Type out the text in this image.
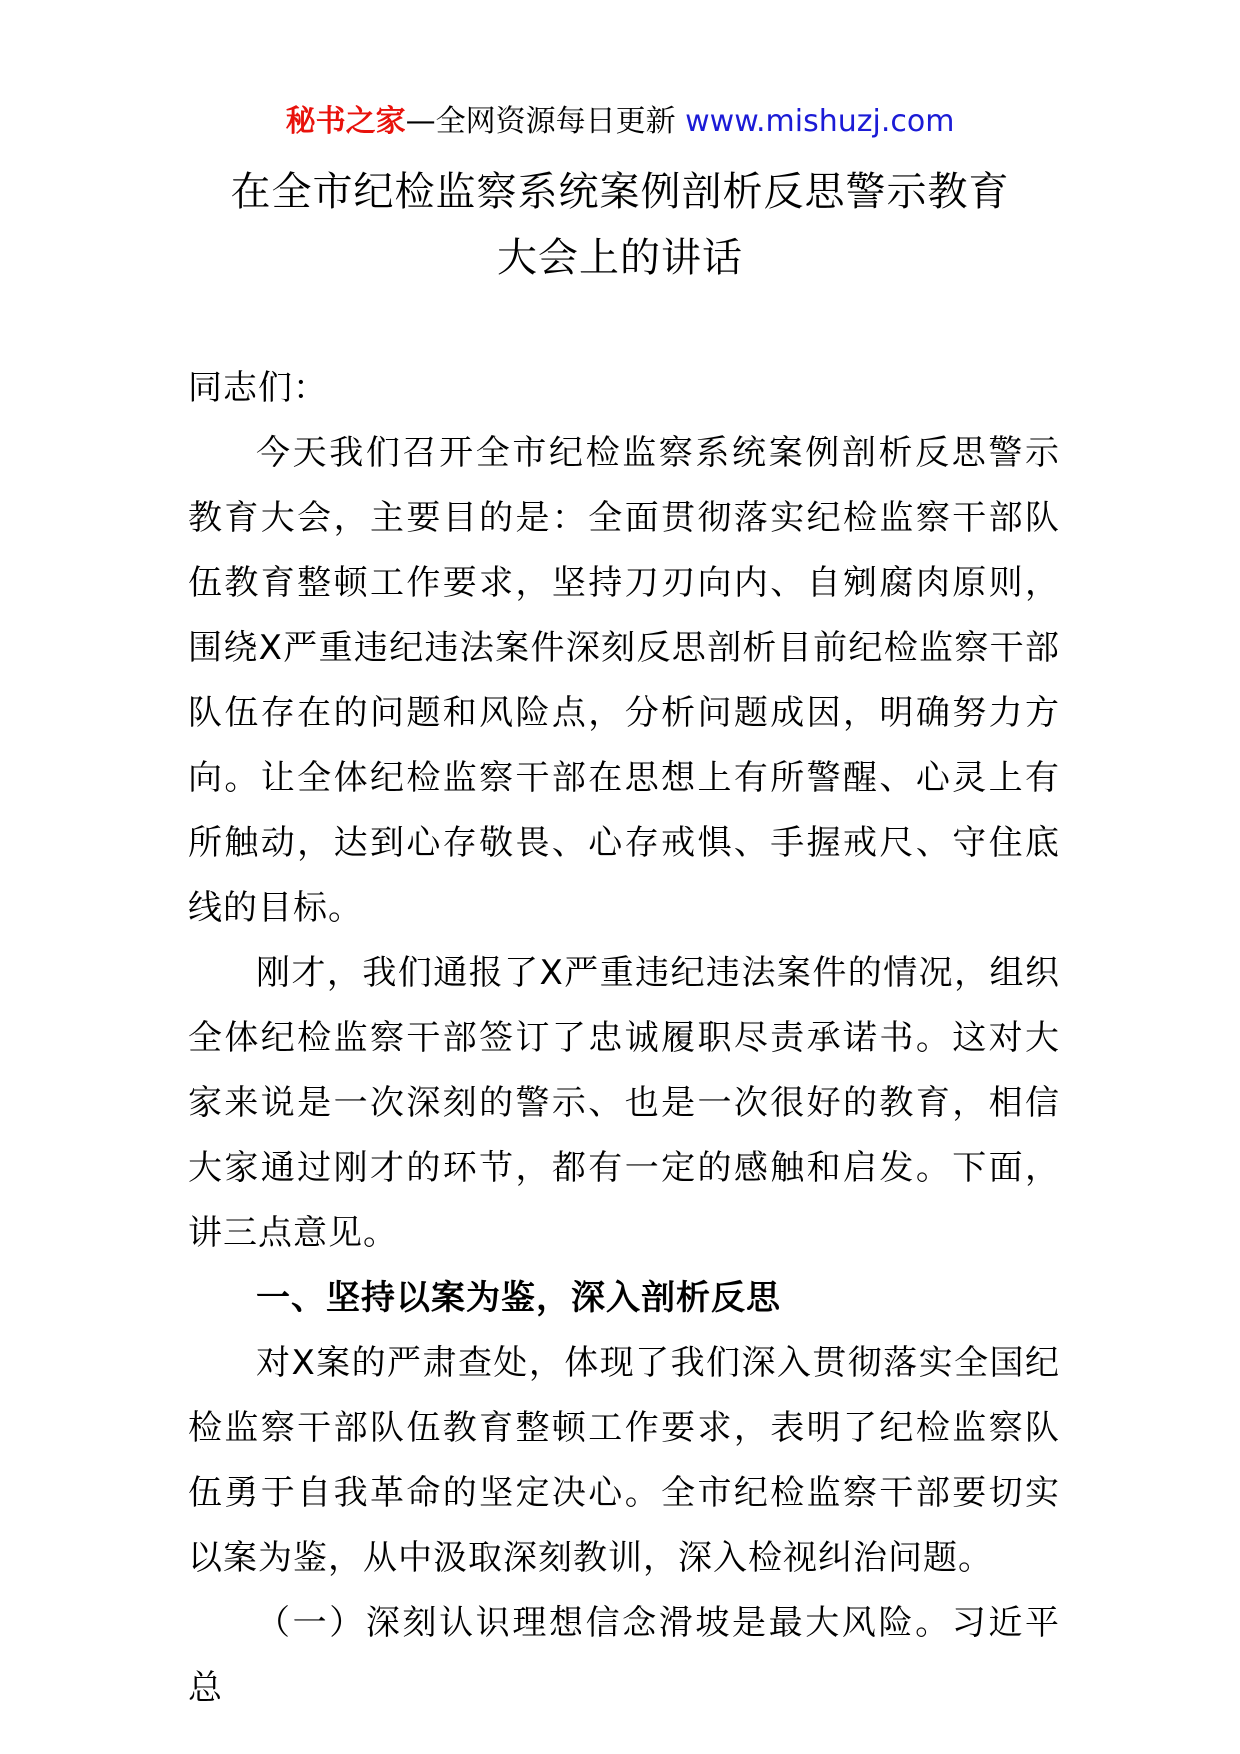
秘书之家—全网资源每日更新 www.mishuzj.com
在全市纪检监察系统案例剖析反思警示教育
大会上的讲话

同志们：

今天我们召开全市纪检监察系统案例剖析反思警示教育大会，主要目的是：全面贯彻落实纪检监察干部队伍教育整顿工作要求，坚持刀刃向内、自剜腐肉原则，围绕X严重违纪违法案件深刻反思剖析目前纪检监察干部队伍存在的问题和风险点，分析问题成因，明确努力方向。让全体纪检监察干部在思想上有所警醒、心灵上有所触动，达到心存敬畏、心存戒惧、手握戒尺、守住底线的目标。

刚才，我们通报了X严重违纪违法案件的情况，组织全体纪检监察干部签订了忠诚履职尽责承诺书。这对大家来说是一次深刻的警示、也是一次很好的教育，相信大家通过刚才的环节，都有一定的感触和启发。下面，讲三点意见。

一、坚持以案为鉴，深入剖析反思

对X案的严肃查处，体现了我们深入贯彻落实全国纪检监察干部队伍教育整顿工作要求，表明了纪检监察队伍勇于自我革命的坚定决心。全市纪检监察干部要切实以案为鉴，从中汲取深刻教训，深入检视纠治问题。

（一）深刻认识理想信念滑坡是最大风险。习近平总
